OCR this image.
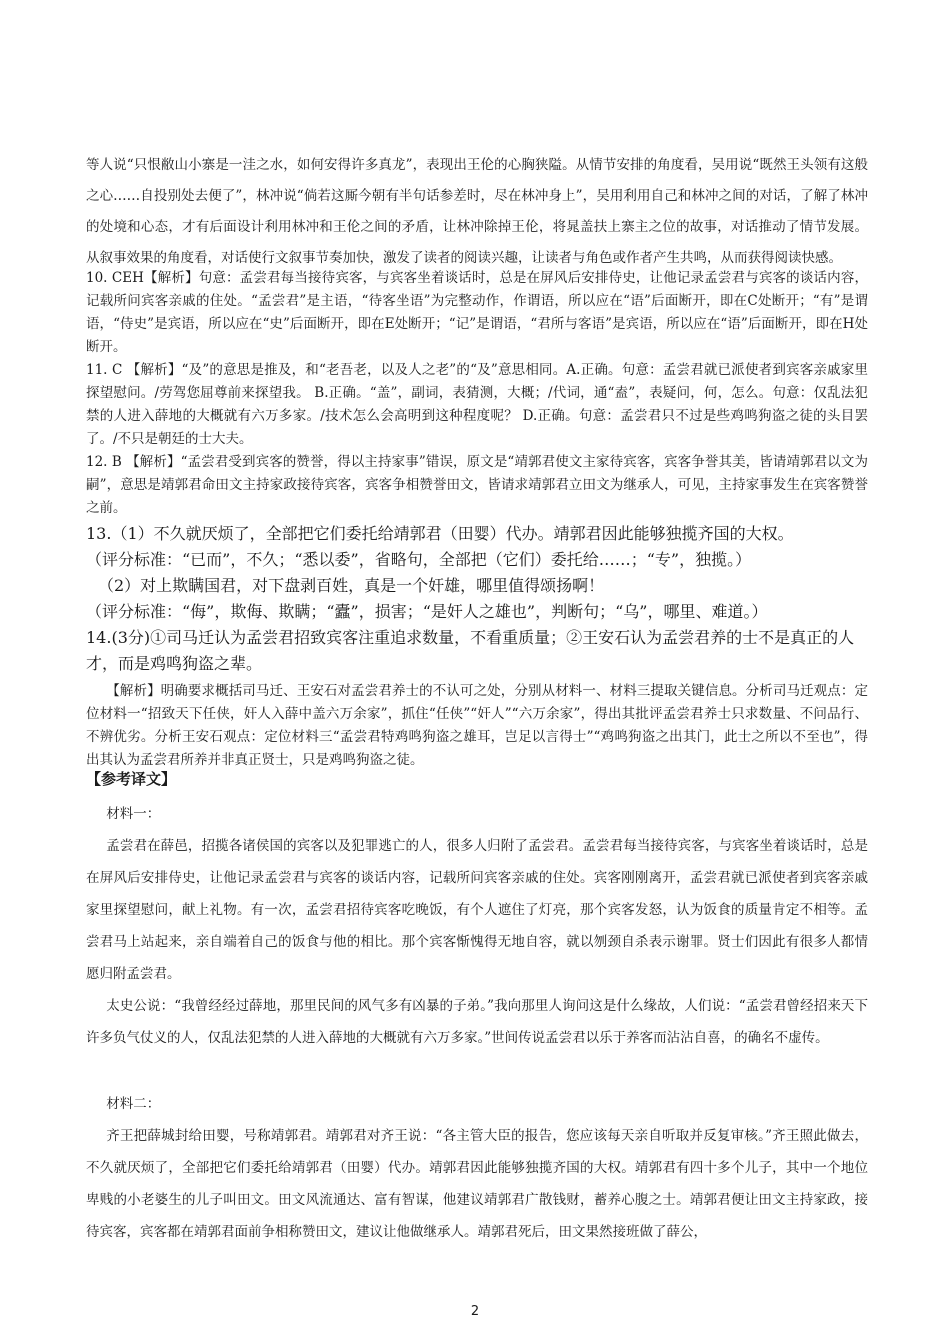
等人说“只恨敝山小寨是一洼之水，如何安得许多真龙”，表现出王伦的心胸狭隘。从情节安排的角度看，吴用说“既然王头领有这般之心……自投别处去便了”，林冲说“倘若这厮今朝有半句话参差时，尽在林冲身上”，吴用利用自己和林冲之间的对话，了解了林冲的处境和心态，才有后面设计利用林冲和王伦之间的矛盾，让林冲除掉王伦，将晁盖扶上寨主之位的故事，对话推动了情节发展。从叙事效果的角度看，对话使行文叙事节奏加快，激发了读者的阅读兴趣，让读者与角色或作者产生共鸣，从而获得阅读快感。

10. CEH【解析】句意：孟尝君每当接待宾客，与宾客坐着谈话时，总是在屏风后安排侍史，让他记录孟尝君与宾客的谈话内容，记载所问宾客亲戚的住处。“孟尝君”是主语，“待客坐语”为完整动作，作谓语，所以应在“语”后面断开，即在C处断开；“有”是谓语，“侍史”是宾语，所以应在“史”后面断开，即在E处断开；“记”是谓语，“君所与客语”是宾语，所以应在“语”后面断开，即在H处断开。

11. C 【解析】“及”的意思是推及，和“老吾老，以及人之老”的“及”意思相同。A.正确。句意：孟尝君就已派使者到宾客亲戚家里探望慰问。/劳驾您屈尊前来探望我。 B.正确。“盖”，副词，表猜测，大概；/代词，通“盍”，表疑问，何，怎么。句意：仅乱法犯禁的人进入薛地的大概就有六万多家。/技术怎么会高明到这种程度呢？ D.正确。句意：孟尝君只不过是些鸡鸣狗盗之徒的头目罢了。/不只是朝廷的士大夫。

12. B 【解析】“孟尝君受到宾客的赞誉，得以主持家事”错误，原文是“靖郭君使文主家待宾客，宾客争誉其美，皆请靖郭君以文为嗣”，意思是靖郭君命田文主持家政接待宾客，宾客争相赞誉田文，皆请求靖郭君立田文为继承人，可见，主持家事发生在宾客赞誉之前。

13.（1）不久就厌烦了，全部把它们委托给靖郭君（田婴）代办。靖郭君因此能够独揽齐国的大权。

（评分标准：“已而”，不久；“悉以委”，省略句，全部把（它们）委托给……；“专”，独揽。）

（2）对上欺瞒国君，对下盘剥百姓，真是一个奸雄，哪里值得颂扬啊！

（评分标准：“侮”，欺侮、欺瞒；“蠹”，损害；“是奸人之雄也”，判断句；“乌”，哪里、难道。）

14.(3分)①司马迁认为孟尝君招致宾客注重追求数量，不看重质量；②王安石认为孟尝君养的士不是真正的人才，而是鸡鸣狗盗之辈。

【解析】明确要求概括司马迁、王安石对孟尝君养士的不认可之处，分别从材料一、材料三提取关键信息。分析司马迁观点：定位材料一“招致天下任侠，奸人入薛中盖六万余家”，抓住“任侠”“奸人”“六万余家”，得出其批评孟尝君养士只求数量、不问品行、不辨优劣。分析王安石观点：定位材料三“孟尝君特鸡鸣狗盗之雄耳，岂足以言得士”“鸡鸣狗盗之出其门，此士之所以不至也”，得出其认为孟尝君所养并非真正贤士，只是鸡鸣狗盗之徒。

【参考译文】

材料一：

孟尝君在薛邑，招揽各诸侯国的宾客以及犯罪逃亡的人，很多人归附了孟尝君。孟尝君每当接待宾客，与宾客坐着谈话时，总是在屏风后安排侍史，让他记录孟尝君与宾客的谈话内容，记载所问宾客亲戚的住处。宾客刚刚离开，孟尝君就已派使者到宾客亲戚家里探望慰问，献上礼物。有一次，孟尝君招待宾客吃晚饭，有个人遮住了灯亮，那个宾客发怒，认为饭食的质量肯定不相等。孟尝君马上站起来，亲自端着自己的饭食与他的相比。那个宾客惭愧得无地自容，就以刎颈自杀表示谢罪。贤士们因此有很多人都情愿归附孟尝君。

太史公说：“我曾经经过薛地，那里民间的风气多有凶暴的子弟。”我向那里人询问这是什么缘故，人们说：“孟尝君曾经招来天下许多负气仗义的人，仅乱法犯禁的人进入薛地的大概就有六万多家。”世间传说孟尝君以乐于养客而沾沾自喜，的确名不虚传。

材料二：

齐王把薛城封给田婴，号称靖郭君。靖郭君对齐王说：“各主管大臣的报告，您应该每天亲自听取并反复审核。”齐王照此做去，不久就厌烦了，全部把它们委托给靖郭君（田婴）代办。靖郭君因此能够独揽齐国的大权。靖郭君有四十多个儿子，其中一个地位卑贱的小老婆生的儿子叫田文。田文风流通达、富有智谋，他建议靖郭君广散钱财，蓄养心腹之士。靖郭君便让田文主持家政，接待宾客，宾客都在靖郭君面前争相称赞田文，建议让他做继承人。靖郭君死后，田文果然接班做了薛公，

2
